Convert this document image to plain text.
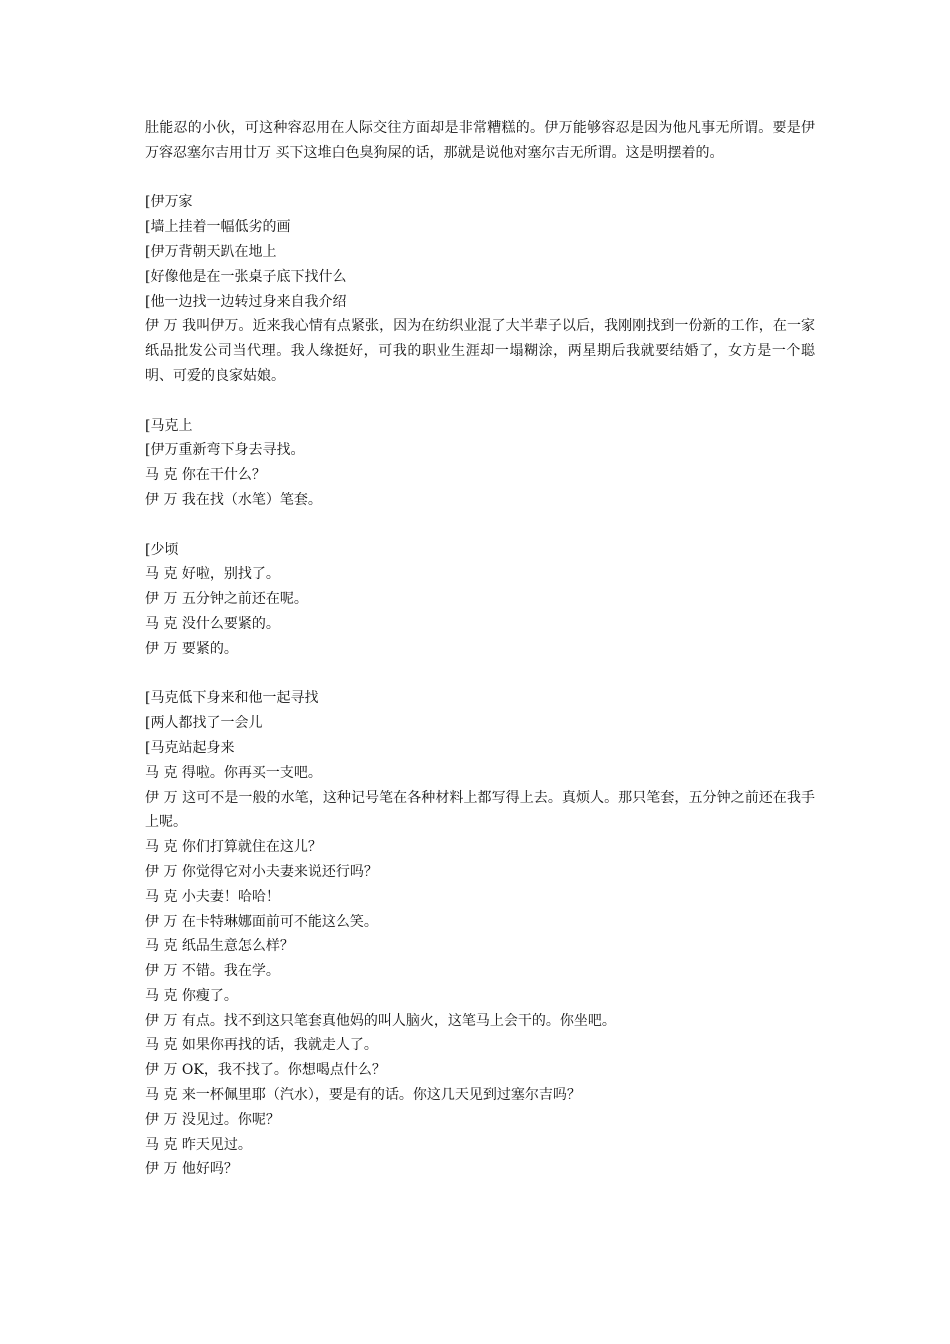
肚能忍的小伙，可这种容忍用在人际交往方面却是非常糟糕的。伊万能够容忍是因为他凡事无所谓。要是伊万容忍塞尔吉用廿万 买下这堆白色臭狗屎的话，那就是说他对塞尔吉无所谓。这是明摆着的。

[伊万家

[墙上挂着一幅低劣的画

[伊万背朝天趴在地上

[好像他是在一张桌子底下找什么

[他一边找一边转过身来自我介绍

伊 万 我叫伊万。近来我心情有点紧张，因为在纺织业混了大半辈子以后，我刚刚找到一份新的工作，在一家纸品批发公司当代理。我人缘挺好，可我的职业生涯却一塌糊涂，两星期后我就要结婚了，女方是一个聪明、可爱的良家姑娘。

[马克上

[伊万重新弯下身去寻找。

马 克 你在干什么？

伊 万 我在找（水笔）笔套。

[少顷

马 克 好啦，别找了。

伊 万 五分钟之前还在呢。

马 克 没什么要紧的。

伊 万 要紧的。

[马克低下身来和他一起寻找

[两人都找了一会儿

[马克站起身来

马 克 得啦。你再买一支吧。

伊 万 这可不是一般的水笔，这种记号笔在各种材料上都写得上去。真烦人。那只笔套，五分钟之前还在我手上呢。

马 克 你们打算就住在这儿？

伊 万 你觉得它对小夫妻来说还行吗？

马 克 小夫妻！哈哈！

伊 万 在卡特琳娜面前可不能这么笑。

马 克 纸品生意怎么样？

伊 万 不错。我在学。

马 克 你瘦了。

伊 万 有点。找不到这只笔套真他妈的叫人脑火，这笔马上会干的。你坐吧。

马 克 如果你再找的话，我就走人了。

伊 万 OK，我不找了。你想喝点什么？

马 克 来一杯佩里耶（汽水），要是有的话。你这几天见到过塞尔吉吗？

伊 万 没见过。你呢？

马 克 昨天见过。

伊 万 他好吗？
